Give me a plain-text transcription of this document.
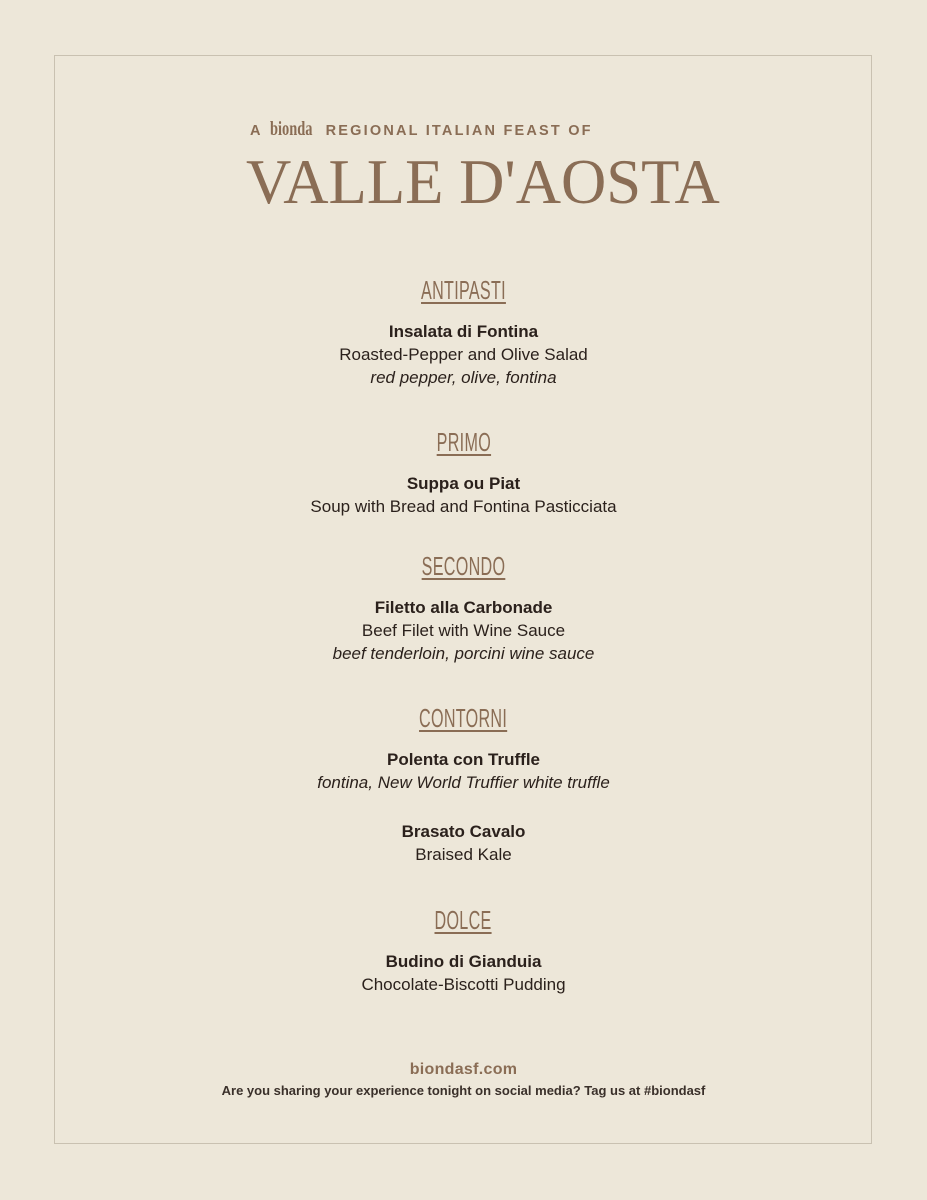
A bionda REGIONAL ITALIAN FEAST OF
VALLE D'AOSTA
ANTIPASTI
Insalata di Fontina
Roasted-Pepper and Olive Salad
red pepper, olive, fontina
PRIMO
Suppa ou Piat
Soup with Bread and Fontina Pasticciata
SECONDO
Filetto alla Carbonade
Beef Filet with Wine Sauce
beef tenderloin, porcini wine sauce
CONTORNI
Polenta con Truffle
fontina, New World Truffier white truffle
Brasato Cavalo
Braised Kale
DOLCE
Budino di Gianduia
Chocolate-Biscotti Pudding
biondasf.com
Are you sharing your experience tonight on social media? Tag us at #biondasf
